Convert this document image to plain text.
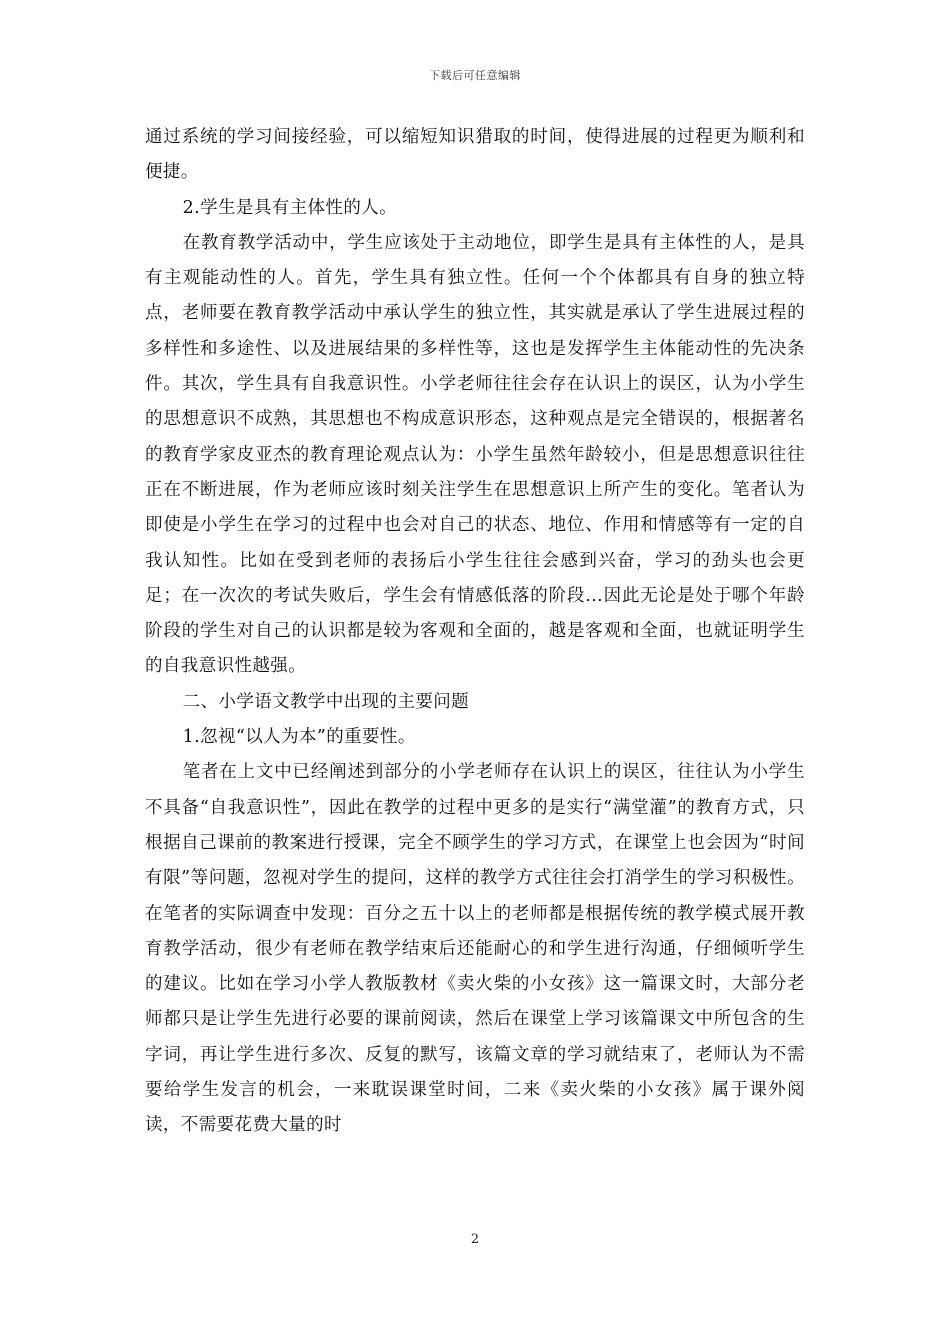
下载后可任意编辑

通过系统的学习间接经验，可以缩短知识猎取的时间，使得进展的过程更为顺利和便捷。

2.学生是具有主体性的人。

在教育教学活动中，学生应该处于主动地位，即学生是具有主体性的人，是具有主观能动性的人。首先，学生具有独立性。任何一个个体都具有自身的独立特点，老师要在教育教学活动中承认学生的独立性，其实就是承认了学生进展过程的多样性和多途性、以及进展结果的多样性等，这也是发挥学生主体能动性的先决条件。其次，学生具有自我意识性。小学老师往往会存在认识上的误区，认为小学生的思想意识不成熟，其思想也不构成意识形态，这种观点是完全错误的，根据著名的教育学家皮亚杰的教育理论观点认为：小学生虽然年龄较小，但是思想意识往往正在不断进展，作为老师应该时刻关注学生在思想意识上所产生的变化。笔者认为即使是小学生在学习的过程中也会对自己的状态、地位、作用和情感等有一定的自我认知性。比如在受到老师的表扬后小学生往往会感到兴奋，学习的劲头也会更足；在一次次的考试失败后，学生会有情感低落的阶段…因此无论是处于哪个年龄阶段的学生对自己的认识都是较为客观和全面的，越是客观和全面，也就证明学生的自我意识性越强。

二、小学语文教学中出现的主要问题

1.忽视“以人为本”的重要性。

笔者在上文中已经阐述到部分的小学老师存在认识上的误区，往往认为小学生不具备“自我意识性”，因此在教学的过程中更多的是实行“满堂灌”的教育方式，只根据自己课前的教案进行授课，完全不顾学生的学习方式，在课堂上也会因为“时间有限”等问题，忽视对学生的提问，这样的教学方式往往会打消学生的学习积极性。在笔者的实际调查中发现：百分之五十以上的老师都是根据传统的教学模式展开教育教学活动，很少有老师在教学结束后还能耐心的和学生进行沟通，仔细倾听学生的建议。比如在学习小学人教版教材《卖火柴的小女孩》这一篇课文时，大部分老师都只是让学生先进行必要的课前阅读，然后在课堂上学习该篇课文中所包含的生字词，再让学生进行多次、反复的默写，该篇文章的学习就结束了，老师认为不需要给学生发言的机会，一来耽误课堂时间，二来《卖火柴的小女孩》属于课外阅读，不需要花费大量的时

2
